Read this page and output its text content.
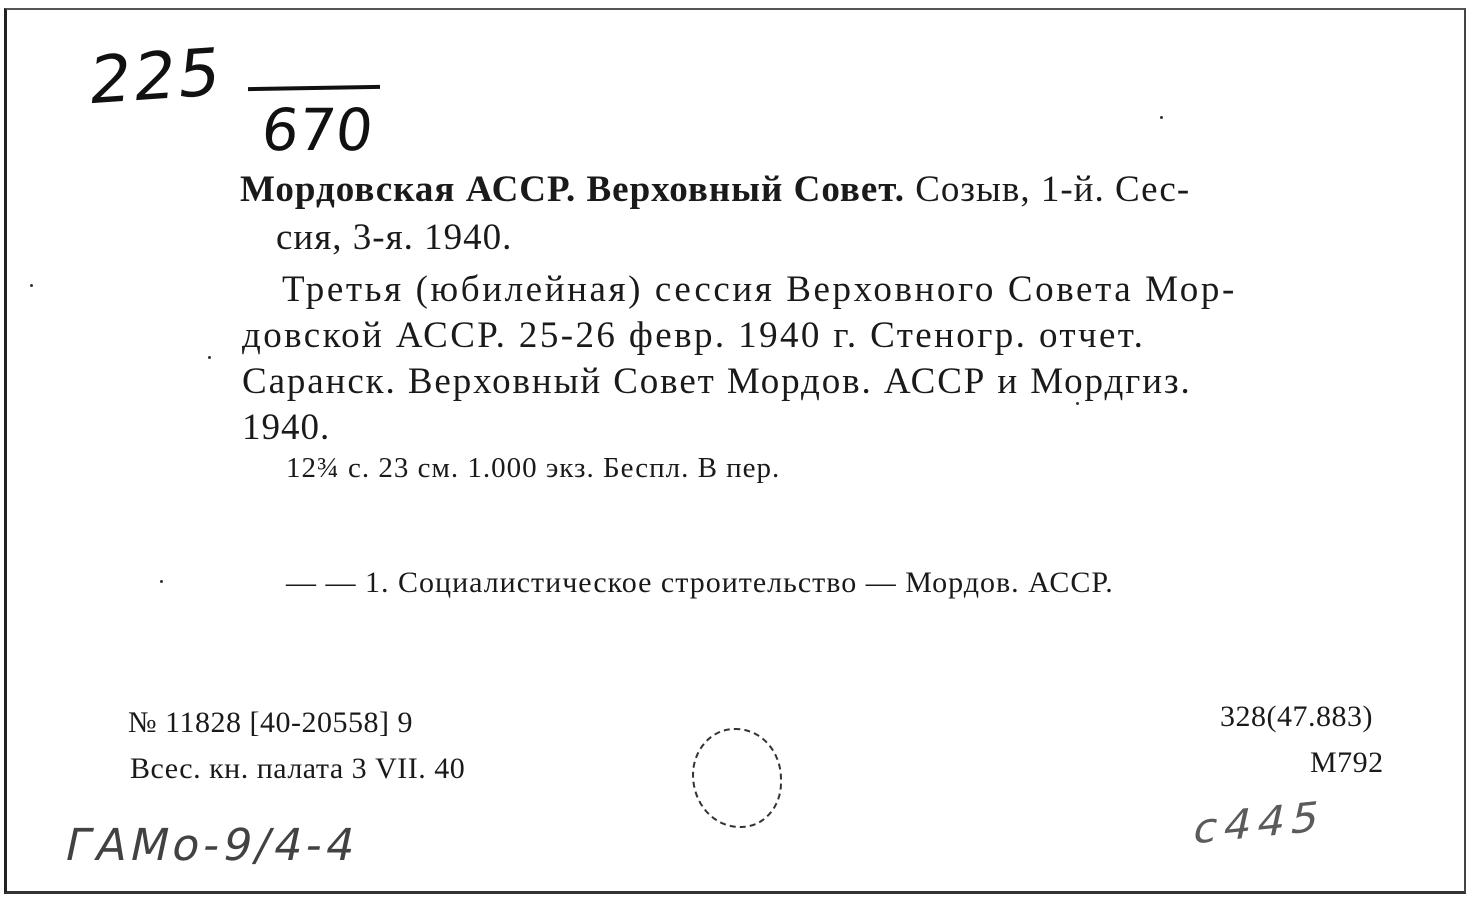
225
670
Мордовская АССР. Верховный Совет. Созыв, 1-й. Сес-
сия, 3-я. 1940.
Третья (юбилейная) сессия Верховного Совета Мор-
довской АССР. 25-26 февр. 1940 г. Стеногр. отчет.
Саранск. Верховный Совет Мордов. АССР и Мордгиз.
1940.
12¾ с. 23 см. 1.000 экз. Беспл. В пер.
— — 1. Социалистическое строительство — Мордов. АССР.
№ 11828 [40-20558] 9
Всес. кн. палата 3 VII. 40
328(47.883)
М792
ГАМо-9/4-4	с445
